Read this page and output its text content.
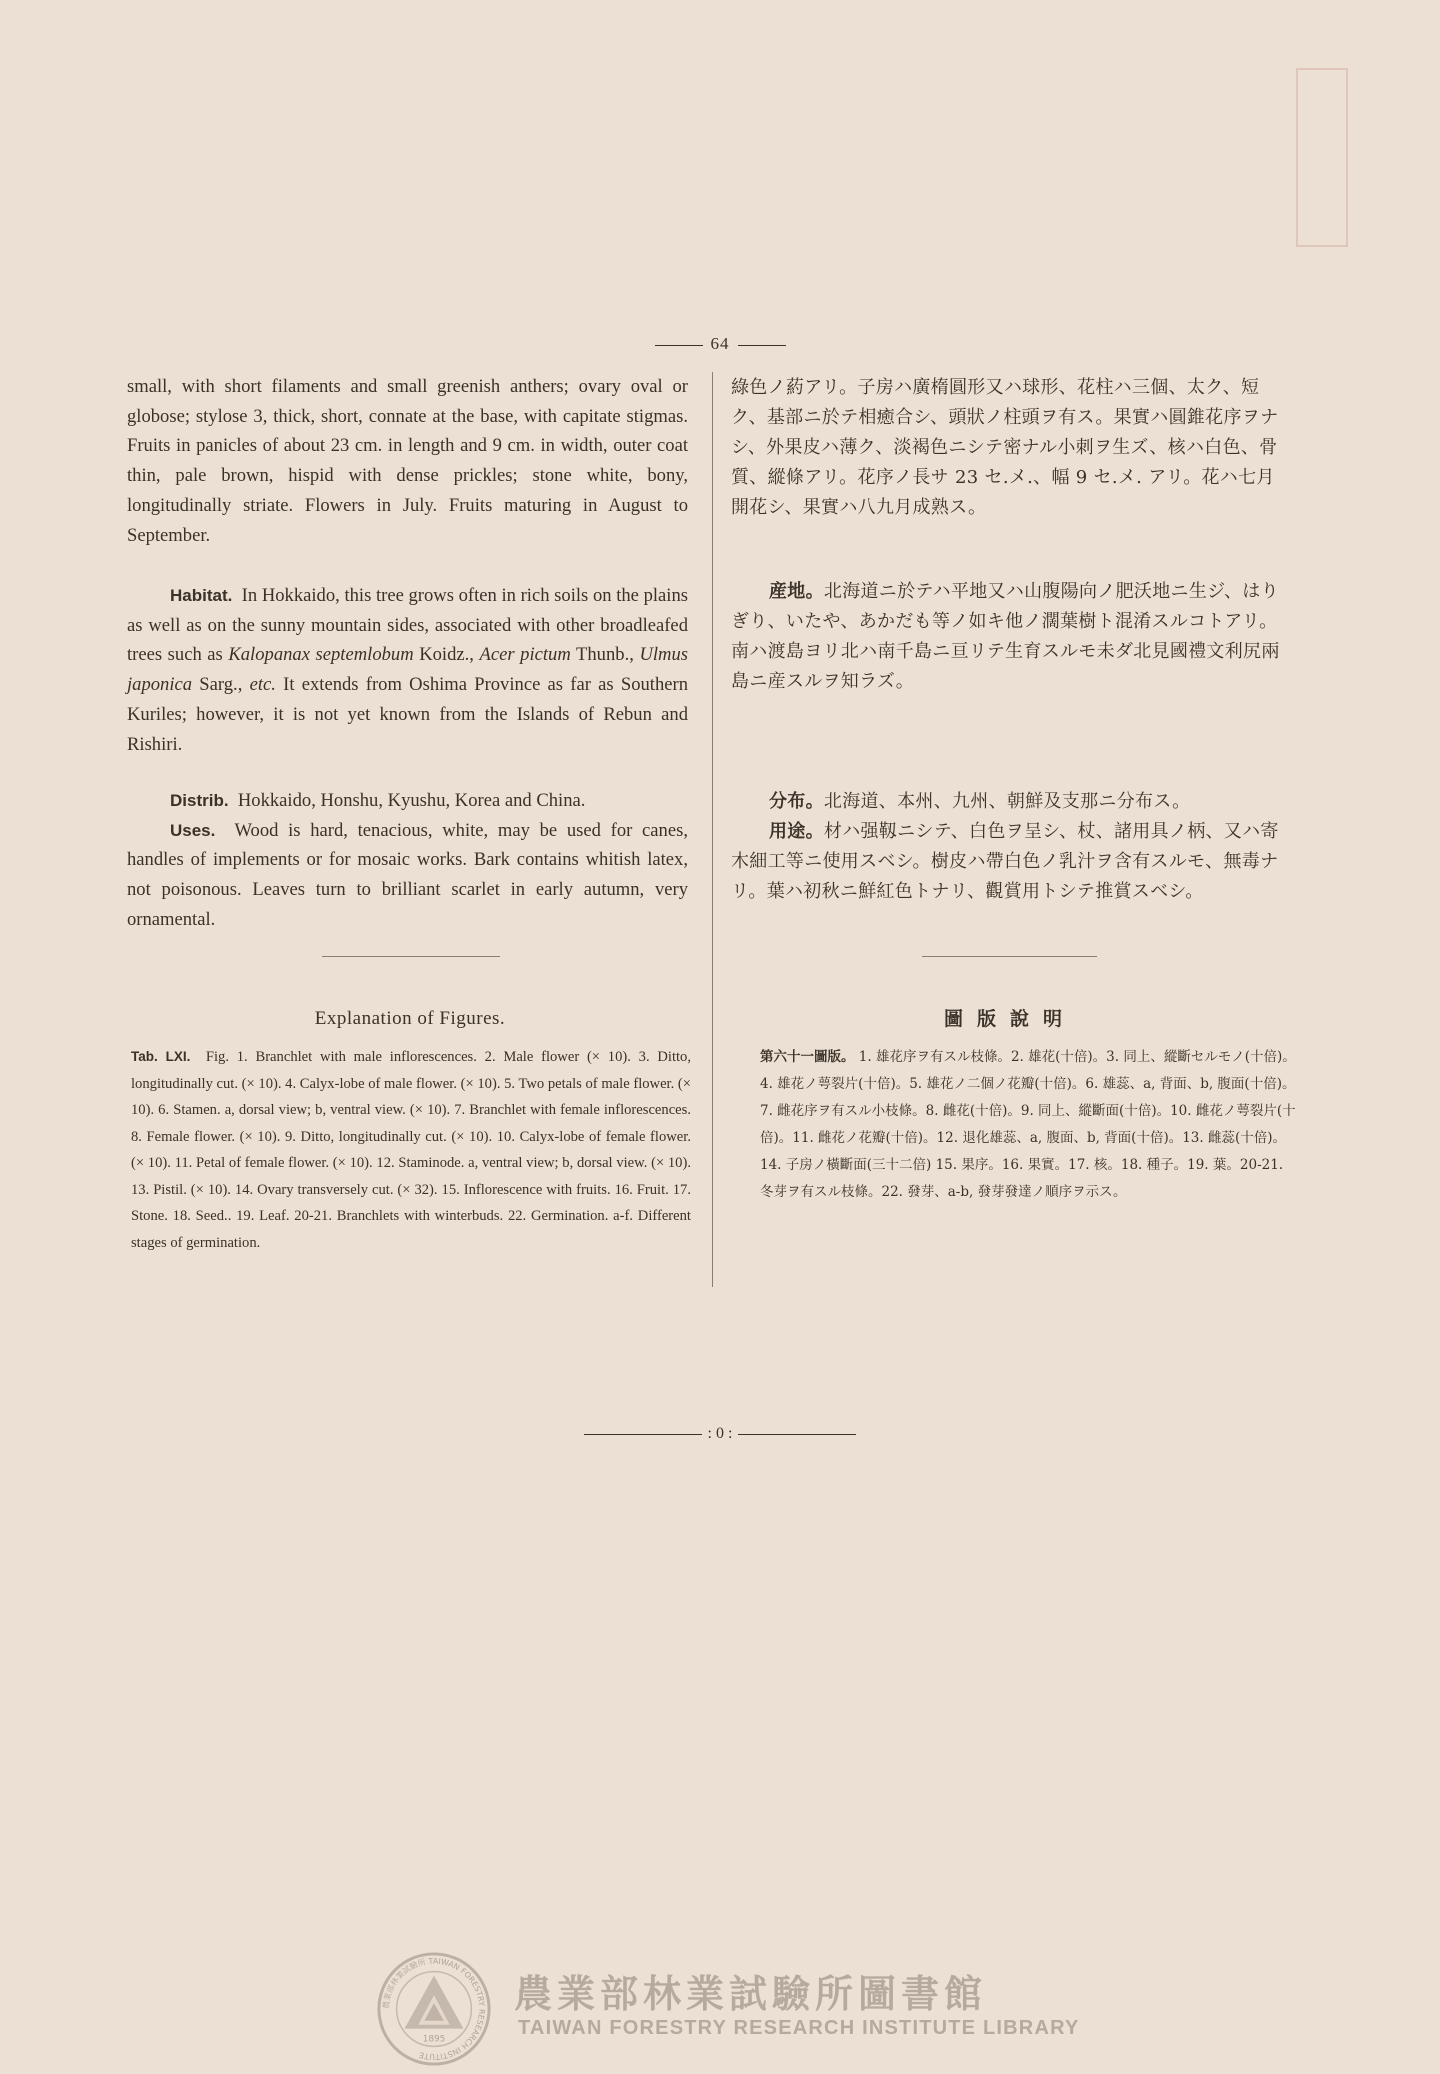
64

small, with short filaments and small greenish anthers; ovary oval or globose; stylose 3, thick, short, connate at the base, with capitate stigmas. Fruits in panicles of about 23 cm. in length and 9 cm. in width, outer coat thin, pale brown, hispid with dense prickles; stone white, bony, longitudinally striate. Flowers in July. Fruits maturing in August to September.

Habitat. In Hokkaido, this tree grows often in rich soils on the plains as well as on the sunny mountain sides, associated with other broadleafed trees such as Kalopanax septemlobum Koidz., Acer pictum Thunb., Ulmus japonica Sarg., etc. It extends from Oshima Province as far as Southern Kuriles; however, it is not yet known from the Islands of Rebun and Rishiri.

Distrib. Hokkaido, Honshu, Kyushu, Korea and China.

Uses. Wood is hard, tenacious, white, may be used for canes, handles of implements or for mosaic works. Bark contains whitish latex, not poisonous. Leaves turn to brilliant scarlet in early autumn, very ornamental.

綠色ノ葯アリ。子房ハ廣楕圓形又ハ球形、花柱ハ三個、太ク、短ク、基部ニ於テ相癒合シ、頭狀ノ柱頭ヲ有ス。果實ハ圓錐花序ヲナシ、外果皮ハ薄ク、淡褐色ニシテ密ナル小刺ヲ生ズ、核ハ白色、骨質、縱條アリ。花序ノ長サ 23 セ.メ.、幅 9 セ.メ. アリ。花ハ七月開花シ、果實ハ八九月成熟ス。

産地。北海道ニ於テハ平地又ハ山腹陽向ノ肥沃地ニ生ジ、はりぎり、いたや、あかだも等ノ如キ他ノ濶葉樹ト混淆スルコトアリ。南ハ渡島ヨリ北ハ南千島ニ亘リテ生育スルモ未ダ北見國禮文利尻兩島ニ産スルヲ知ラズ。

分布。北海道、本州、九州、朝鮮及支那ニ分布ス。

用途。材ハ强靱ニシテ、白色ヲ呈シ、杖、諸用具ノ柄、又ハ寄木細工等ニ使用スベシ。樹皮ハ帶白色ノ乳汁ヲ含有スルモ、無毒ナリ。葉ハ初秋ニ鮮紅色トナリ、觀賞用トシテ推賞スベシ。

Explanation of Figures.
Tab. LXI. Fig. 1. Branchlet with male inflorescences. 2. Male flower (× 10). 3. Ditto, longitudinally cut. (× 10). 4. Calyx-lobe of male flower. (× 10). 5. Two petals of male flower. (× 10). 6. Stamen. a, dorsal view; b, ventral view. (× 10). 7. Branchlet with female inflorescences. 8. Female flower. (× 10). 9. Ditto, longitudinally cut. (× 10). 10. Calyx-lobe of female flower. (× 10). 11. Petal of female flower. (× 10). 12. Staminode. a, ventral view; b, dorsal view. (× 10). 13. Pistil. (× 10). 14. Ovary transversely cut. (× 32). 15. Inflorescence with fruits. 16. Fruit. 17. Stone. 18. Seed.. 19. Leaf. 20-21. Branchlets with winterbuds. 22. Germination. a-f. Different stages of germination.
圖版說明
第六十一圖版。 1. 雄花序ヲ有スル枝條。2. 雄花(十倍)。3. 同上、縱斷セルモノ(十倍)。4. 雄花ノ萼裂片(十倍)。5. 雄花ノ二個ノ花瓣(十倍)。6. 雄蕊、a, 背面、b, 腹面(十倍)。7. 雌花序ヲ有スル小枝條。8. 雌花(十倍)。9. 同上、縱斷面(十倍)。10. 雌花ノ萼裂片(十倍)。11. 雌花ノ花瓣(十倍)。12. 退化雄蕊、a, 腹面、b, 背面(十倍)。13. 雌蕊(十倍)。14. 子房ノ橫斷面(三十二倍) 15. 果序。16. 果實。17. 核。18. 種子。19. 葉。20-21. 冬芽ヲ有スル枝條。22. 發芽、a-b, 發芽發達ノ順序ヲ示ス。
: 0 :
農業部林業試驗所 TAIWAN FORESTRY RESEARCH INSTITUTE
1895
農業部林業試驗所圖書館
TAIWAN FORESTRY RESEARCH INSTITUTE LIBRARY
